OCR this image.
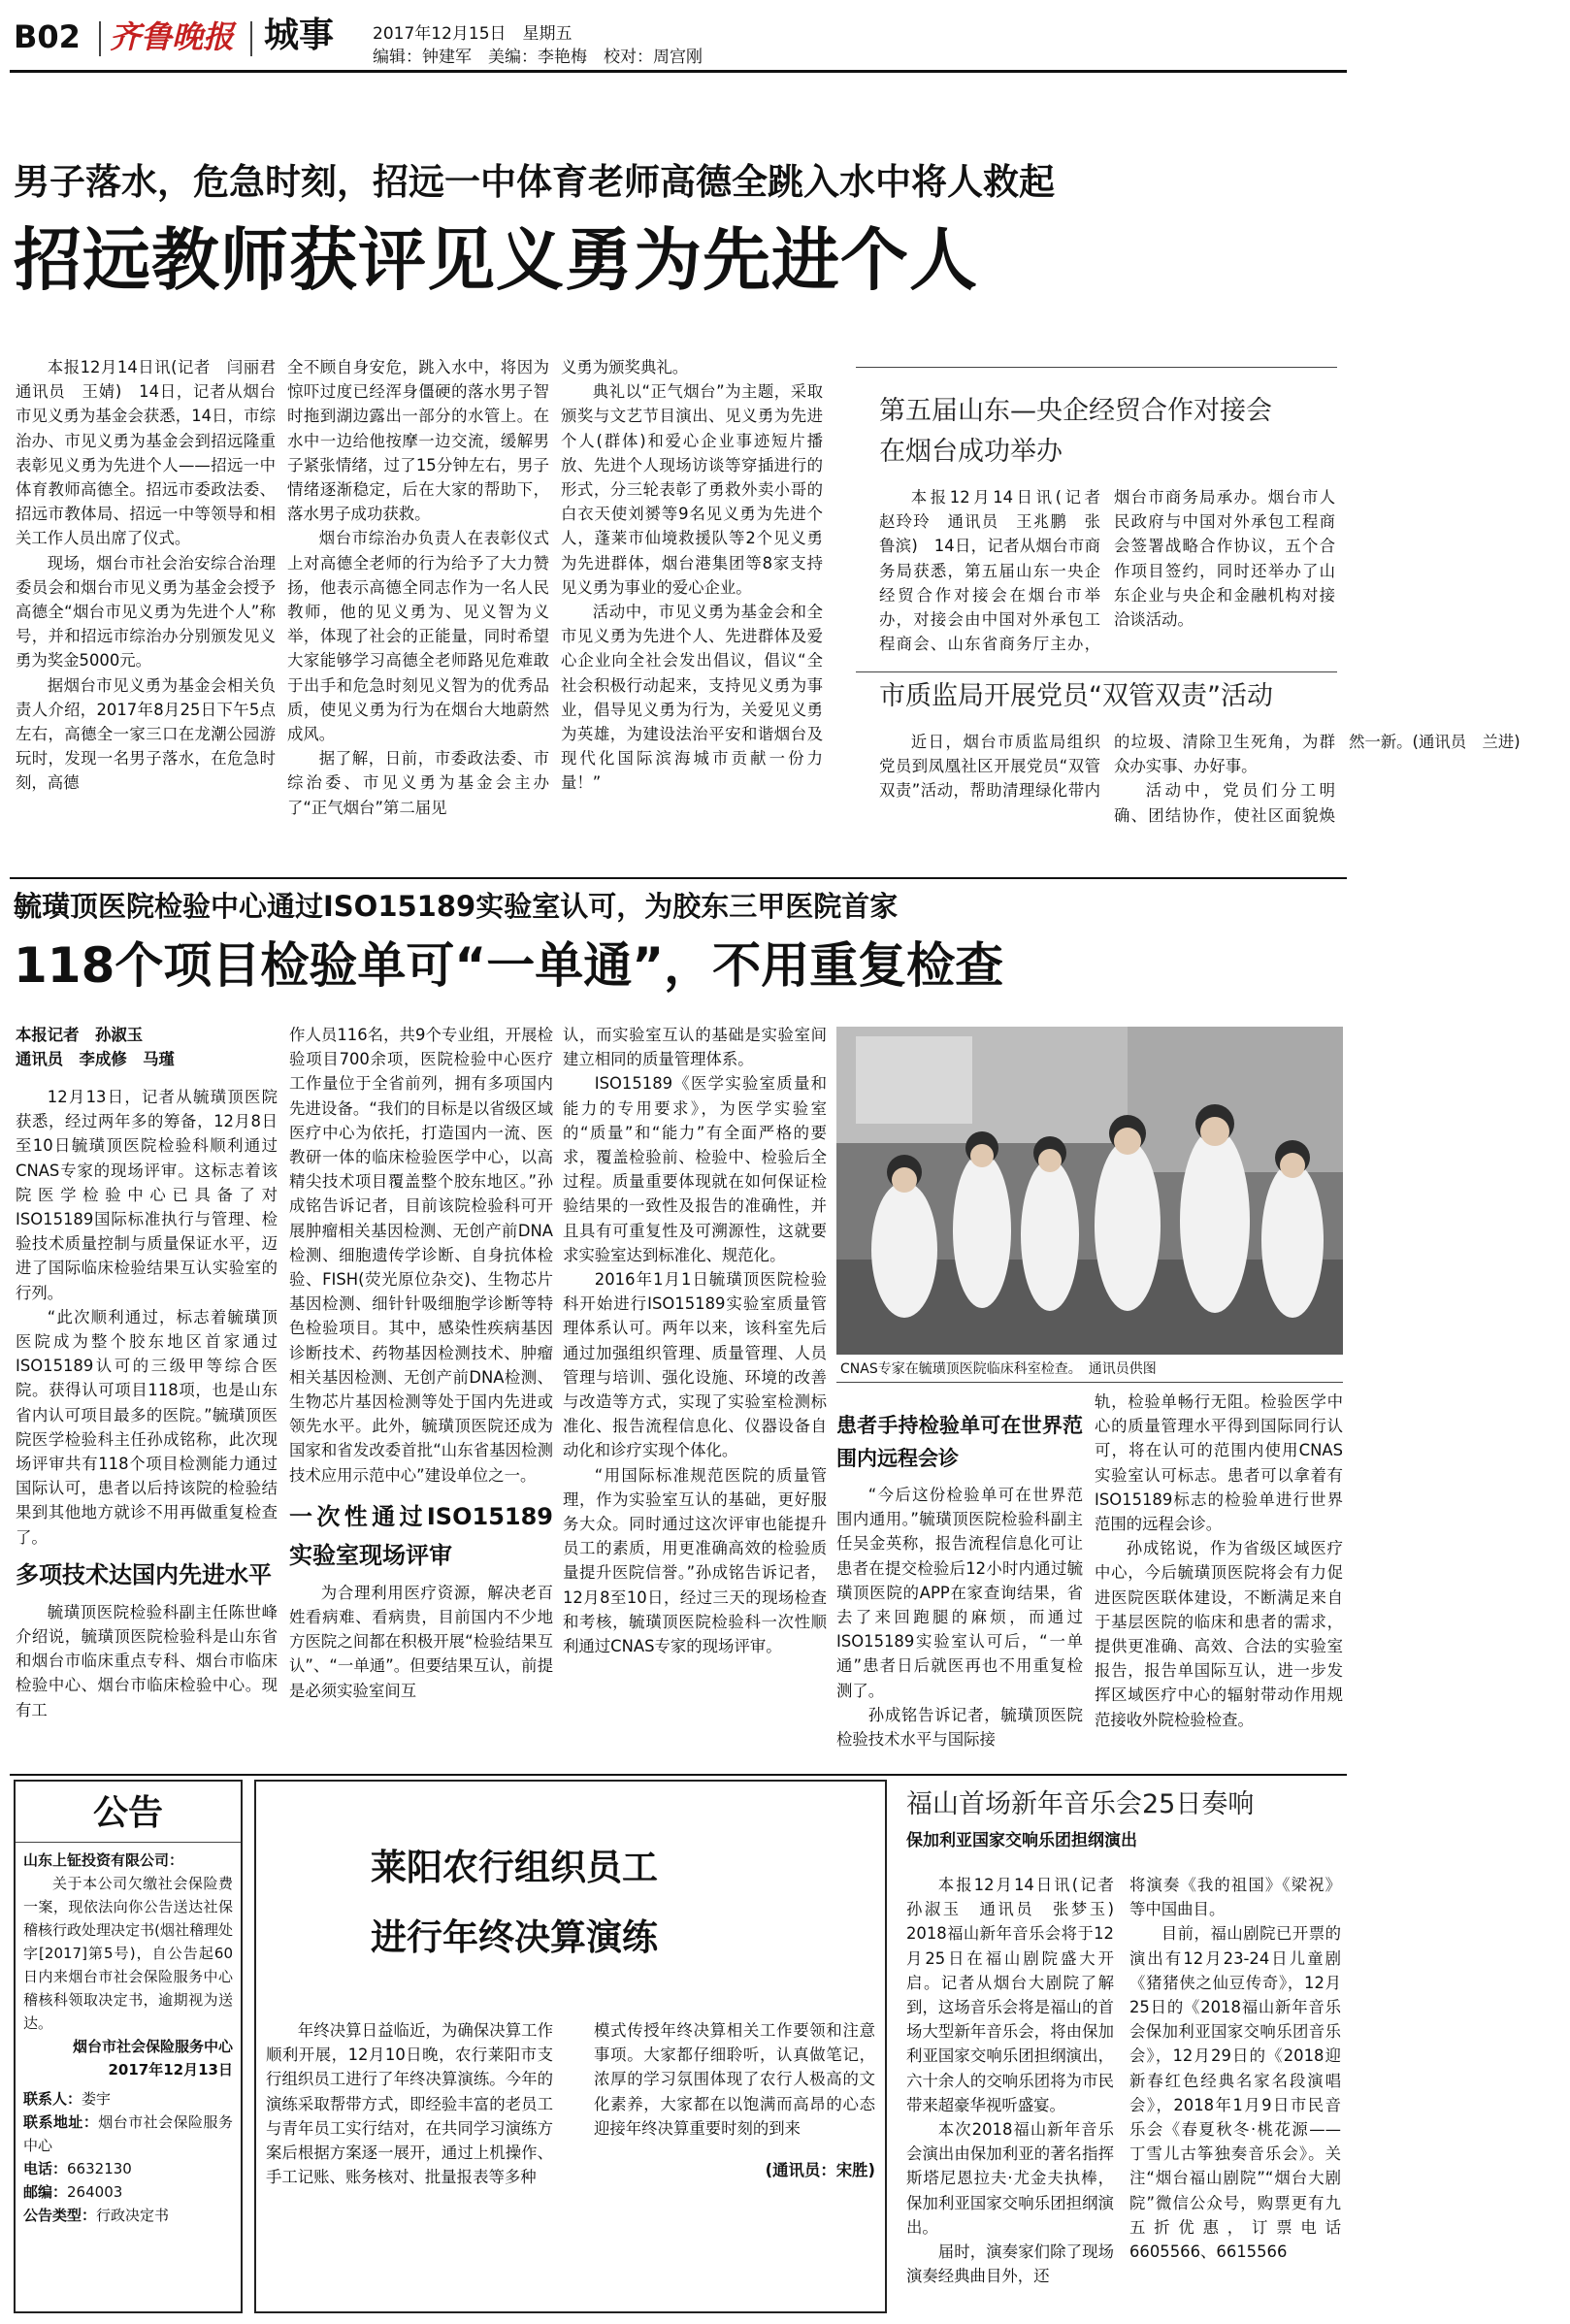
B02 齐鲁晚报 城事 2017年12月15日　星期五
编辑：钟建军　美编：李艳梅　校对：周宫刚
男子落水，危急时刻，招远一中体育老师高德全跳入水中将人救起
招远教师获评见义勇为先进个人

本报12月14日讯(记者　闫丽君　通讯员　王婧)　14日，记者从烟台市见义勇为基金会获悉，14日，市综治办、市见义勇为基金会到招远隆重表彰见义勇为先进个人——招远一中体育教师高德全。招远市委政法委、招远市教体局、招远一中等领导和相关工作人员出席了仪式。

现场，烟台市社会治安综合治理委员会和烟台市见义勇为基金会授予高德全“烟台市见义勇为先进个人”称号，并和招远市综治办分别颁发见义勇为奖金5000元。

据烟台市见义勇为基金会相关负责人介绍，2017年8月25日下午5点左右，高德全一家三口在龙潮公园游玩时，发现一名男子落水，在危急时刻，高德

全不顾自身安危，跳入水中，将因为惊吓过度已经浑身僵硬的落水男子智时拖到湖边露出一部分的水管上。在水中一边给他按摩一边交流，缓解男子紧张情绪，过了15分钟左右，男子情绪逐渐稳定，后在大家的帮助下，落水男子成功获救。

烟台市综治办负责人在表彰仪式上对高德全老师的行为给予了大力赞扬，他表示高德全同志作为一名人民教师，他的见义勇为、见义智为义举，体现了社会的正能量，同时希望大家能够学习高德全老师路见危难敢于出手和危急时刻见义智为的优秀品质，使见义勇为行为在烟台大地蔚然成风。

据了解，日前，市委政法委、市综治委、市见义勇为基金会主办了“正气烟台”第二届见

义勇为颁奖典礼。

典礼以“正气烟台”为主题，采取颁奖与文艺节目演出、见义勇为先进个人(群体)和爱心企业事迹短片播放、先进个人现场访谈等穿插进行的形式，分三轮表彰了勇救外卖小哥的白衣天使刘赟等9名见义勇为先进个人，蓬莱市仙境救援队等2个见义勇为先进群体，烟台港集团等8家支持见义勇为事业的爱心企业。

活动中，市见义勇为基金会和全市见义勇为先进个人、先进群体及爱心企业向全社会发出倡议，倡议“全社会积极行动起来，支持见义勇为事业，倡导见义勇为行为，关爱见义勇为英雄，为建设法治平安和谐烟台及现代化国际滨海城市贡献一份力量！”

第五届山东—央企经贸合作对接会
在烟台成功举办

本报12月14日讯(记者　赵玲玲　通讯员　王兆鹏　张鲁滨)　14日，记者从烟台市商务局获悉，第五届山东一央企经贸合作对接会在烟台市举办，对接会由中国对外承包工程商会、山东省商务厅主办，烟台市商务局承办。烟台市人民政府与中国对外承包工程商会签署战略合作协议，五个合作项目签约，同时还举办了山东企业与央企和金融机构对接洽谈活动。

市质监局开展党员“双管双责”活动

近日，烟台市质监局组织党员到凤凰社区开展党员“双管双责”活动，帮助清理绿化带内的垃圾、清除卫生死角，为群众办实事、办好事。

活动中，党员们分工明确、团结协作，使社区面貌焕然一新。(通讯员　兰进)

毓璜顶医院检验中心通过ISO15189实验室认可，为胶东三甲医院首家
118个项目检验单可“一单通”，不用重复检查
本报记者　孙淑玉
通讯员　李成修　马瑾

12月13日，记者从毓璜顶医院获悉，经过两年多的筹备，12月8日至10日毓璜顶医院检验科顺利通过CNAS专家的现场评审。这标志着该院医学检验中心已具备了对ISO15189国际标准执行与管理、检验技术质量控制与质量保证水平，迈进了国际临床检验结果互认实验室的行列。

“此次顺利通过，标志着毓璜顶医院成为整个胶东地区首家通过ISO15189认可的三级甲等综合医院。获得认可项目118项，也是山东省内认可项目最多的医院。”毓璜顶医院医学检验科主任孙成铭称，此次现场评审共有118个项目检测能力通过国际认可，患者以后持该院的检验结果到其他地方就诊不用再做重复检查了。

多项技术达国内先进水平

毓璜顶医院检验科副主任陈世峰介绍说，毓璜顶医院检验科是山东省和烟台市临床重点专科、烟台市临床检验中心、烟台市临床检验中心。现有工

作人员116名，共9个专业组，开展检验项目700余项，医院检验中心医疗工作量位于全省前列，拥有多项国内先进设备。“我们的目标是以省级区域医疗中心为依托，打造国内一流、医教研一体的临床检验医学中心，以高精尖技术项目覆盖整个胶东地区。”孙成铭告诉记者，目前该院检验科可开展肿瘤相关基因检测、无创产前DNA检测、细胞遗传学诊断、自身抗体检验、FISH(荧光原位杂交)、生物芯片基因检测、细针针吸细胞学诊断等特色检验项目。其中，感染性疾病基因诊断技术、药物基因检测技术、肿瘤相关基因检测、无创产前DNA检测、生物芯片基因检测等处于国内先进或领先水平。此外，毓璜顶医院还成为国家和省发改委首批“山东省基因检测技术应用示范中心”建设单位之一。

一次性通过ISO15189实验室现场评审

为合理利用医疗资源，解决老百姓看病难、看病贵，目前国内不少地方医院之间都在积极开展“检验结果互认”、“一单通”。但要结果互认，前提是必须实验室间互

认，而实验室互认的基础是实验室间建立相同的质量管理体系。

ISO15189《医学实验室质量和能力的专用要求》，为医学实验室的“质量”和“能力”有全面严格的要求，覆盖检验前、检验中、检验后全过程。质量重要体现就在如何保证检验结果的一致性及报告的准确性，并且具有可重复性及可溯源性，这就要求实验室达到标准化、规范化。

2016年1月1日毓璜顶医院检验科开始进行ISO15189实验室质量管理体系认可。两年以来，该科室先后通过加强组织管理、质量管理、人员管理与培训、强化设施、环境的改善与改造等方式，实现了实验室检测标准化、报告流程信息化、仪器设备自动化和诊疗实现个体化。

“用国际标准规范医院的质量管理，作为实验室互认的基础，更好服务大众。同时通过这次评审也能提升员工的素质，用更准确高效的检验质量提升医院信誉。”孙成铭告诉记者，12月8至10日，经过三天的现场检查和考核，毓璜顶医院检验科一次性顺利通过CNAS专家的现场评审。

CNAS专家在毓璜顶医院临床科室检查。　通讯员供图
患者手持检验单可在世界范围内远程会诊

“今后这份检验单可在世界范围内通用。”毓璜顶医院检验科副主任吴金英称，报告流程信息化可让患者在提交检验后12小时内通过毓璜顶医院的APP在家查询结果，省去了来回跑腿的麻烦，而通过ISO15189实验室认可后，“一单通”患者日后就医再也不用重复检测了。

孙成铭告诉记者，毓璜顶医院检验技术水平与国际接

轨，检验单畅行无阻。检验医学中心的质量管理水平得到国际同行认可，将在认可的范围内使用CNAS实验室认可标志。患者可以拿着有ISO15189标志的检验单进行世界范围的远程会诊。

孙成铭说，作为省级区域医疗中心，今后毓璜顶医院将会有力促进医院医联体建设，不断满足来自于基层医院的临床和患者的需求，提供更准确、高效、合法的实验室报告，报告单国际互认，进一步发挥区域医疗中心的辐射带动作用规范接收外院检验检查。

公告
山东上钲投资有限公司：
关于本公司欠缴社会保险费一案，现依法向你公告送达社保稽核行政处理决定书(烟社稽理处字[2017]第5号)，自公告起60日内来烟台市社会保险服务中心稽核科领取决定书，逾期视为送达。
烟台市社会保险服务中心
2017年12月13日
联系人：娄宇
联系地址：烟台市社会保险服务中心
电话：6632130
邮编：264003
公告类型：行政决定书
莱阳农行组织员工
进行年终决算演练

年终决算日益临近，为确保决算工作顺利开展，12月10日晚，农行莱阳市支行组织员工进行了年终决算演练。今年的演练采取帮带方式，即经验丰富的老员工与青年员工实行结对，在共同学习演练方案后根据方案逐一展开，通过上机操作、手工记账、账务核对、批量报表等多种

模式传授年终决算相关工作要领和注意事项。大家都仔细聆听，认真做笔记，浓厚的学习氛围体现了农行人极高的文化素养，大家都在以饱满而高昂的心态迎接年终决算重要时刻的到来

(通讯员：宋胜)
福山首场新年音乐会25日奏响
保加利亚国家交响乐团担纲演出

本报12月14日讯(记者　孙淑玉　通讯员　张梦玉)　2018福山新年音乐会将于12月25日在福山剧院盛大开启。记者从烟台大剧院了解到，这场音乐会将是福山的首场大型新年音乐会，将由保加利亚国家交响乐团担纲演出，六十余人的交响乐团将为市民带来超豪华视听盛宴。

本次2018福山新年音乐会演出由保加利亚的著名指挥斯塔尼恩拉夫·尤金夫执棒，保加利亚国家交响乐团担纲演出。

届时，演奏家们除了现场演奏经典曲目外，还

将演奏《我的祖国》《梁祝》等中国曲目。

目前，福山剧院已开票的演出有12月23-24日儿童剧《猪猪侠之仙豆传奇》，12月25日的《2018福山新年音乐会保加利亚国家交响乐团音乐会》，12月29日的《2018迎新春红色经典名家名段演唱会》，2018年1月9日市民音乐会《春夏秋冬·桃花源——丁雪儿古筝独奏音乐会》。关注“烟台福山剧院”“烟台大剧院”微信公众号，购票更有九五折优惠，订票电话6605566、6615566
